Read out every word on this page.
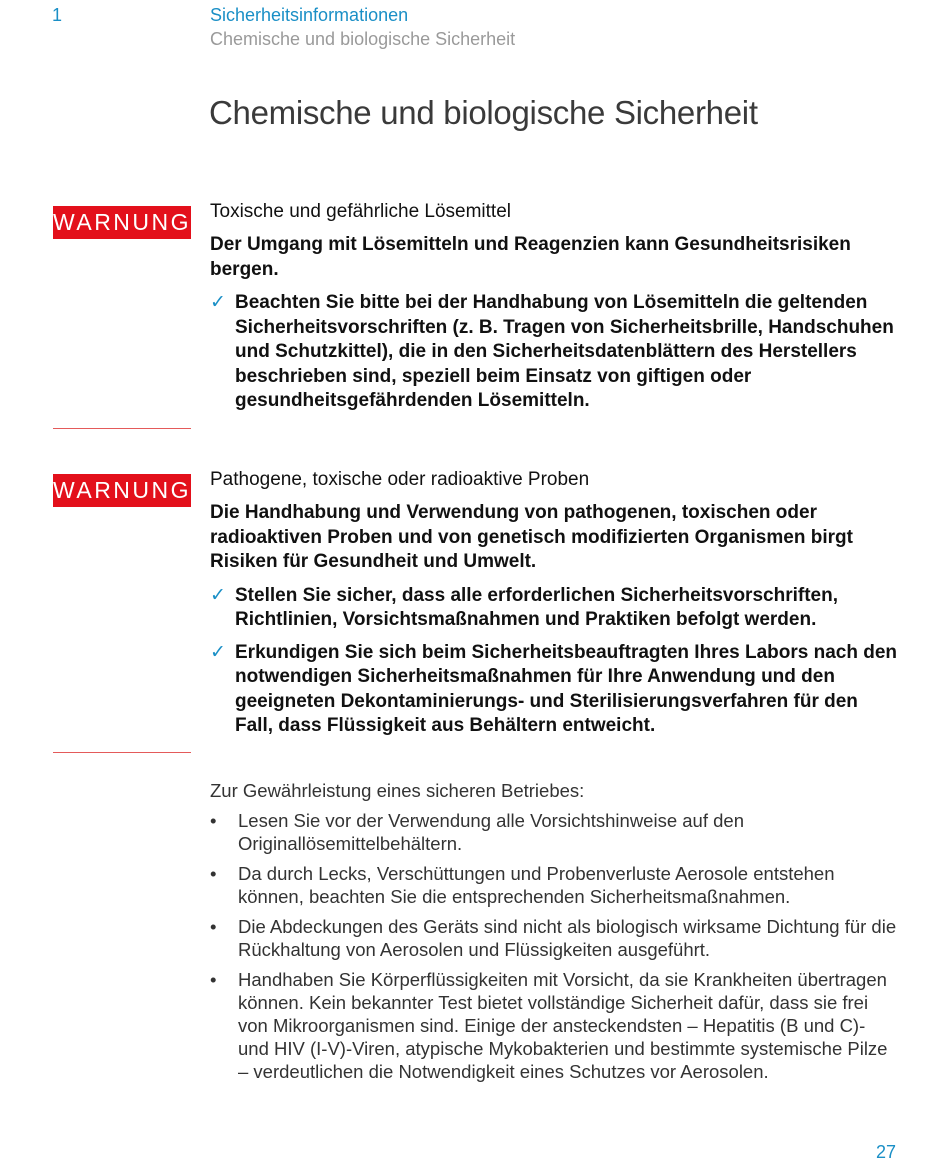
1	Sicherheitsinformationen
Chemische und biologische Sicherheit
Chemische und biologische Sicherheit
WARNUNG Toxische und gefährliche Lösemittel
Der Umgang mit Lösemitteln und Reagenzien kann Gesundheitsrisiken bergen.
✓ Beachten Sie bitte bei der Handhabung von Lösemitteln die geltenden Sicherheitsvorschriften (z. B. Tragen von Sicherheitsbrille, Handschuhen und Schutzkittel), die in den Sicherheitsdatenblättern des Herstellers beschrieben sind, speziell beim Einsatz von giftigen oder gesundheitsgefährdenden Lösemitteln.
WARNUNG Pathogene, toxische oder radioaktive Proben
Die Handhabung und Verwendung von pathogenen, toxischen oder radioaktiven Proben und von genetisch modifizierten Organismen birgt Risiken für Gesundheit und Umwelt.
✓ Stellen Sie sicher, dass alle erforderlichen Sicherheitsvorschriften, Richtlinien, Vorsichtsmaßnahmen und Praktiken befolgt werden.
✓ Erkundigen Sie sich beim Sicherheitsbeauftragten Ihres Labors nach den notwendigen Sicherheitsmaßnahmen für Ihre Anwendung und den geeigneten Dekontaminierungs- und Sterilisierungsverfahren für den Fall, dass Flüssigkeit aus Behältern entweicht.
Zur Gewährleistung eines sicheren Betriebes:
• Lesen Sie vor der Verwendung alle Vorsichtshinweise auf den Originallösemittelbehältern.
• Da durch Lecks, Verschüttungen und Probenverluste Aerosole entstehen können, beachten Sie die entsprechenden Sicherheitsmaßnahmen.
• Die Abdeckungen des Geräts sind nicht als biologisch wirksame Dichtung für die Rückhaltung von Aerosolen und Flüssigkeiten ausgeführt.
• Handhaben Sie Körperflüssigkeiten mit Vorsicht, da sie Krankheiten übertragen können. Kein bekannter Test bietet vollständige Sicherheit dafür, dass sie frei von Mikroorganismen sind. Einige der ansteckendsten – Hepatitis (B und C)- und HIV (I-V)-Viren, atypische Mykobakterien und bestimmte systemische Pilze – verdeutlichen die Notwendigkeit eines Schutzes vor Aerosolen.
27
